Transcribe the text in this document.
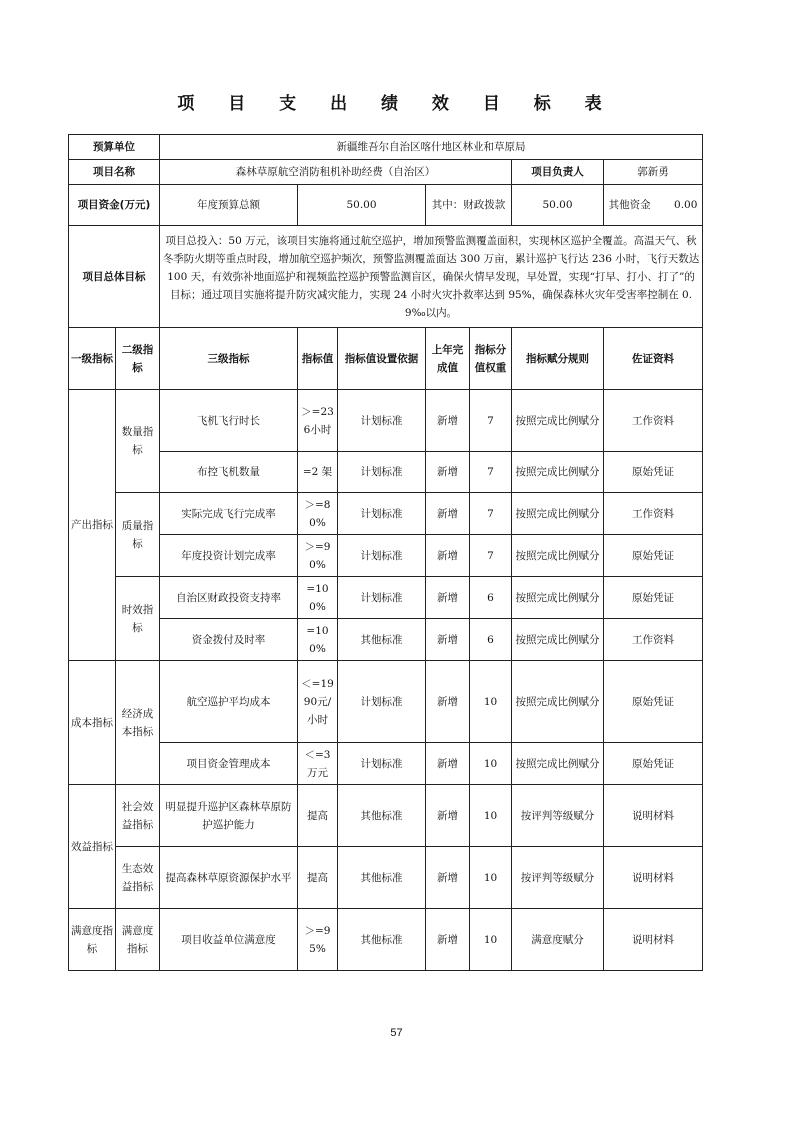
项 目 支 出 绩 效 目 标 表
预算单位		新疆维吾尔自治区喀什地区林业和草原局						
项目名称		森林草原航空消防租机补助经费（自治区）					项目负责人	郭新勇
项目资金(万元)		年度预算总额	50.00		其中：财政拨款		50.00	其他资金 0.00
项目总体目标		项目总投入：50 万元，该项目实施将通过航空巡护，增加预警监测覆盖面积，实现林区巡护全覆盖。高温天气、秋冬季防火期等重点时段，增加航空巡护频次，预警监测覆盖面达 300 万亩，累计巡护飞行达 236 小时，飞行天数达 100 天，有效弥补地面巡护和视频监控巡护预警监测盲区，确保火情早发现，早处置，实现“打早、打小、打了”的目标；通过项目实施将提升防灾减灾能力，实现 24 小时火灾扑救率达到 95%，确保森林火灾年受害率控制在 0.9‰以内。						
一级指标	二级指标	三级指标	指标值	指标值设置依据	上年完成值	指标分值权重	指标赋分规则	佐证资料
产出指标	数量指标	飞机飞行时长	＞=236小时	计划标准	新增	7	按照完成比例赋分	工作资料
		布控飞机数量	=2 架	计划标准	新增	7	按照完成比例赋分	原始凭证
	质量指标	实际完成飞行完成率	＞=80%	计划标准	新增	7	按照完成比例赋分	工作资料
		年度投资计划完成率	＞=90%	计划标准	新增	7	按照完成比例赋分	原始凭证
	时效指标	自治区财政投资支持率	=100%	计划标准	新增	6	按照完成比例赋分	原始凭证
		资金拨付及时率	=100%	其他标准	新增	6	按照完成比例赋分	工作资料
成本指标	经济成本指标	航空巡护平均成本	＜=1990元/小时	计划标准	新增	10	按照完成比例赋分	原始凭证
		项目资金管理成本	＜=3 万元	计划标准	新增	10	按照完成比例赋分	原始凭证
效益指标	社会效益指标	明显提升巡护区森林草原防护巡护能力	提高	其他标准	新增	10	按评判等级赋分	说明材料
	生态效益指标	提高森林草原资源保护水平	提高	其他标准	新增	10	按评判等级赋分	说明材料
满意度指标	满意度指标	项目收益单位满意度	＞=95%	其他标准	新增	10	满意度赋分	说明材料
57
